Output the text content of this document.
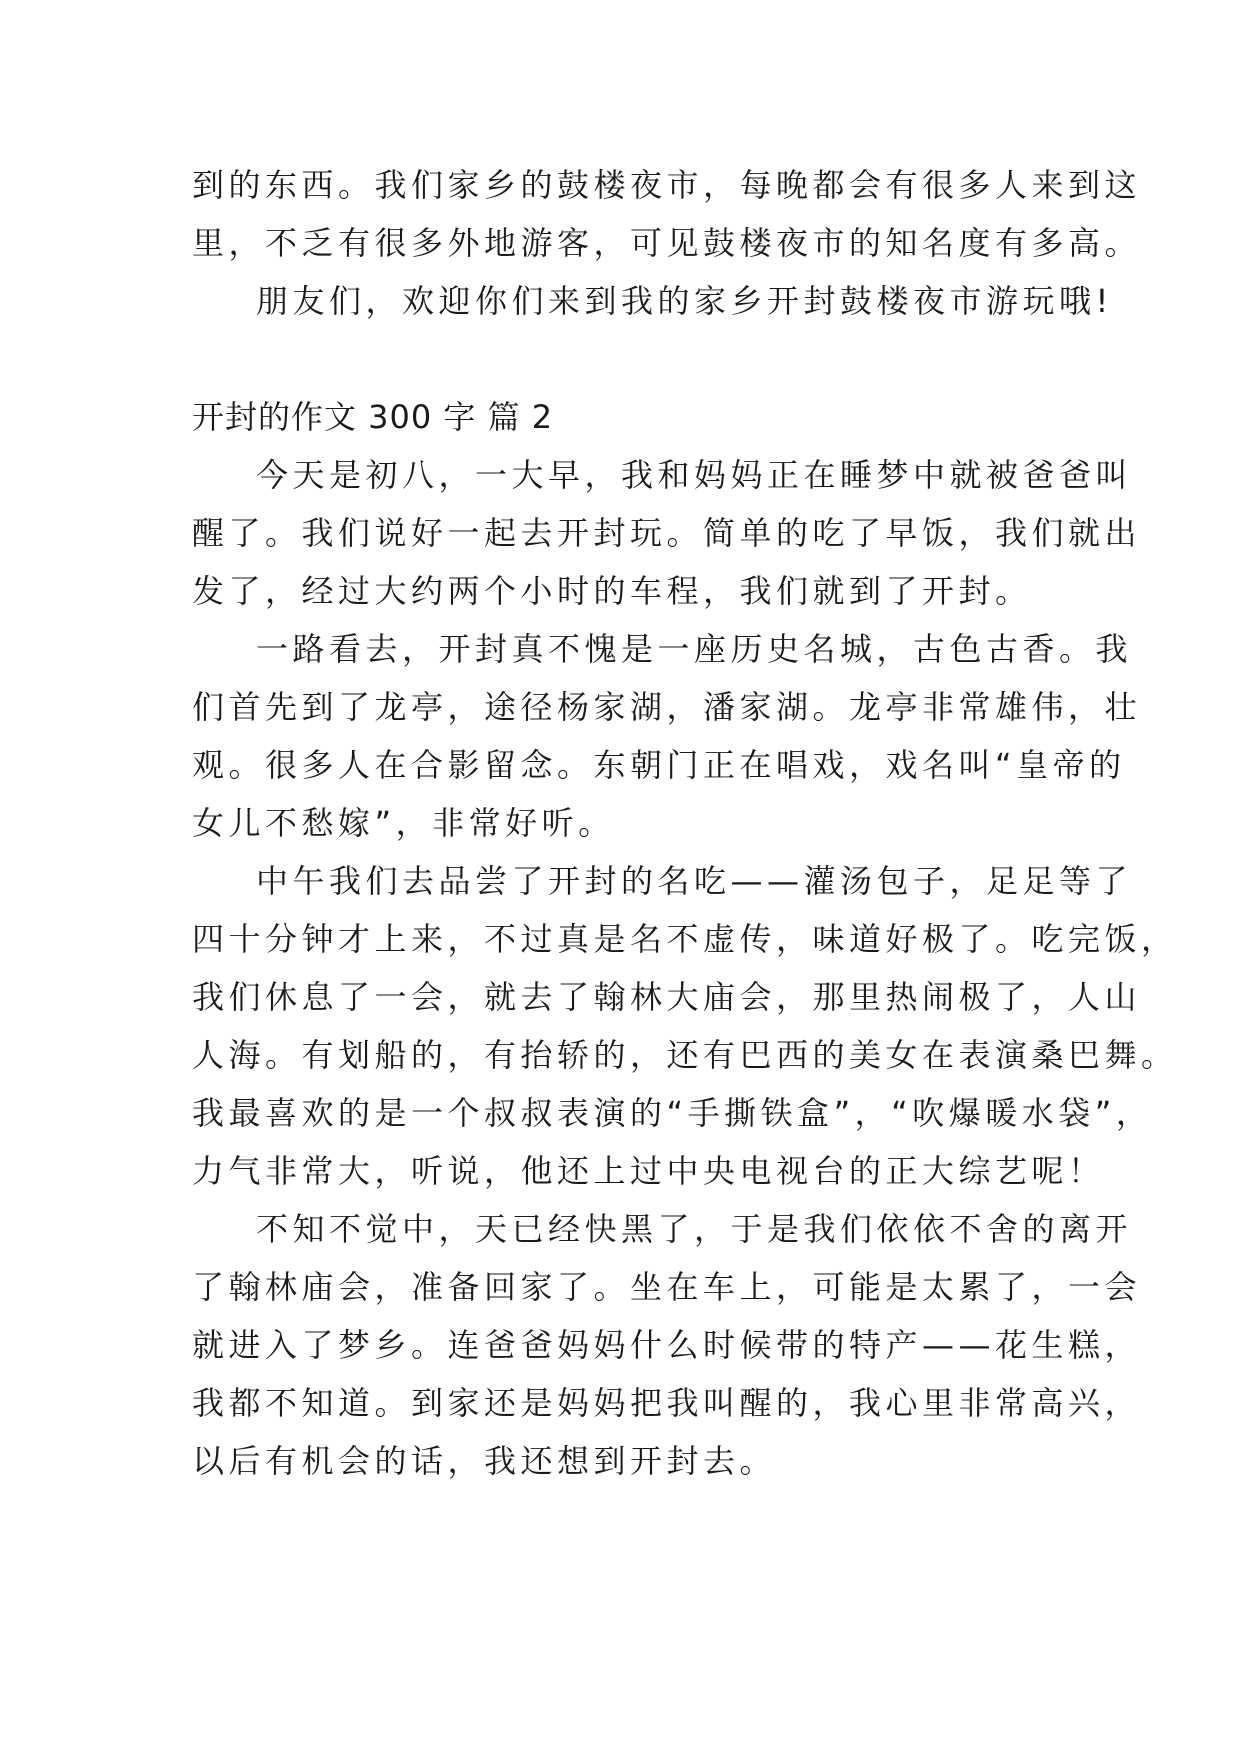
到的东西。我们家乡的鼓楼夜市，每晚都会有很多人来到这
里，不乏有很多外地游客，可见鼓楼夜市的知名度有多高。
朋友们，欢迎你们来到我的家乡开封鼓楼夜市游玩哦!
开封的作文 300 字 篇 2
今天是初八，一大早，我和妈妈正在睡梦中就被爸爸叫
醒了。我们说好一起去开封玩。简单的吃了早饭，我们就出
发了，经过大约两个小时的车程，我们就到了开封。
一路看去，开封真不愧是一座历史名城，古色古香。我
们首先到了龙亭，途径杨家湖，潘家湖。龙亭非常雄伟，壮
观。很多人在合影留念。东朝门正在唱戏，戏名叫“皇帝的
女儿不愁嫁”，非常好听。
中午我们去品尝了开封的名吃——灌汤包子，足足等了
四十分钟才上来，不过真是名不虚传，味道好极了。吃完饭，
我们休息了一会，就去了翰林大庙会，那里热闹极了，人山
人海。有划船的，有抬轿的，还有巴西的美女在表演桑巴舞。
我最喜欢的是一个叔叔表演的“手撕铁盒”，“吹爆暖水袋”，
力气非常大，听说，他还上过中央电视台的正大综艺呢！
不知不觉中，天已经快黑了，于是我们依依不舍的离开
了翰林庙会，准备回家了。坐在车上，可能是太累了，一会
就进入了梦乡。连爸爸妈妈什么时候带的特产——花生糕，
我都不知道。到家还是妈妈把我叫醒的，我心里非常高兴，
以后有机会的话，我还想到开封去。
